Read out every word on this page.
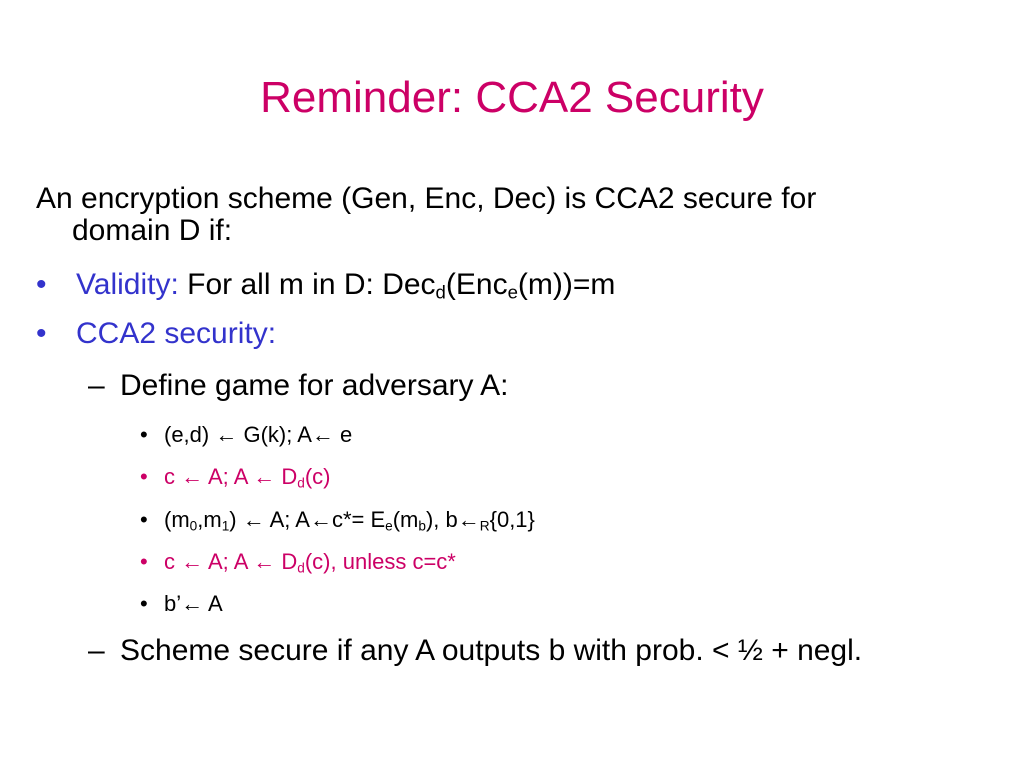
Reminder: CCA2 Security
An encryption scheme (Gen, Enc, Dec) is CCA2 secure for
domain D if:
• Validity: For all m in D: Dec$_d$(Enc$_e$(m))=m
• CCA2 security:
– Define game for adversary A:
• (e,d) ← G(k); A← e
• c ← A; A ← $D_d(c)$
• $(m_0,m_1)$ ← A; A←c*= $E_e(m_b)$, $b\leftarrow_R\{0,1\}$
• c ← A; A ← $D_d(c)$, unless c=c*
• b’← A
– Scheme secure if any A outputs b with prob. < ½ + negl.
